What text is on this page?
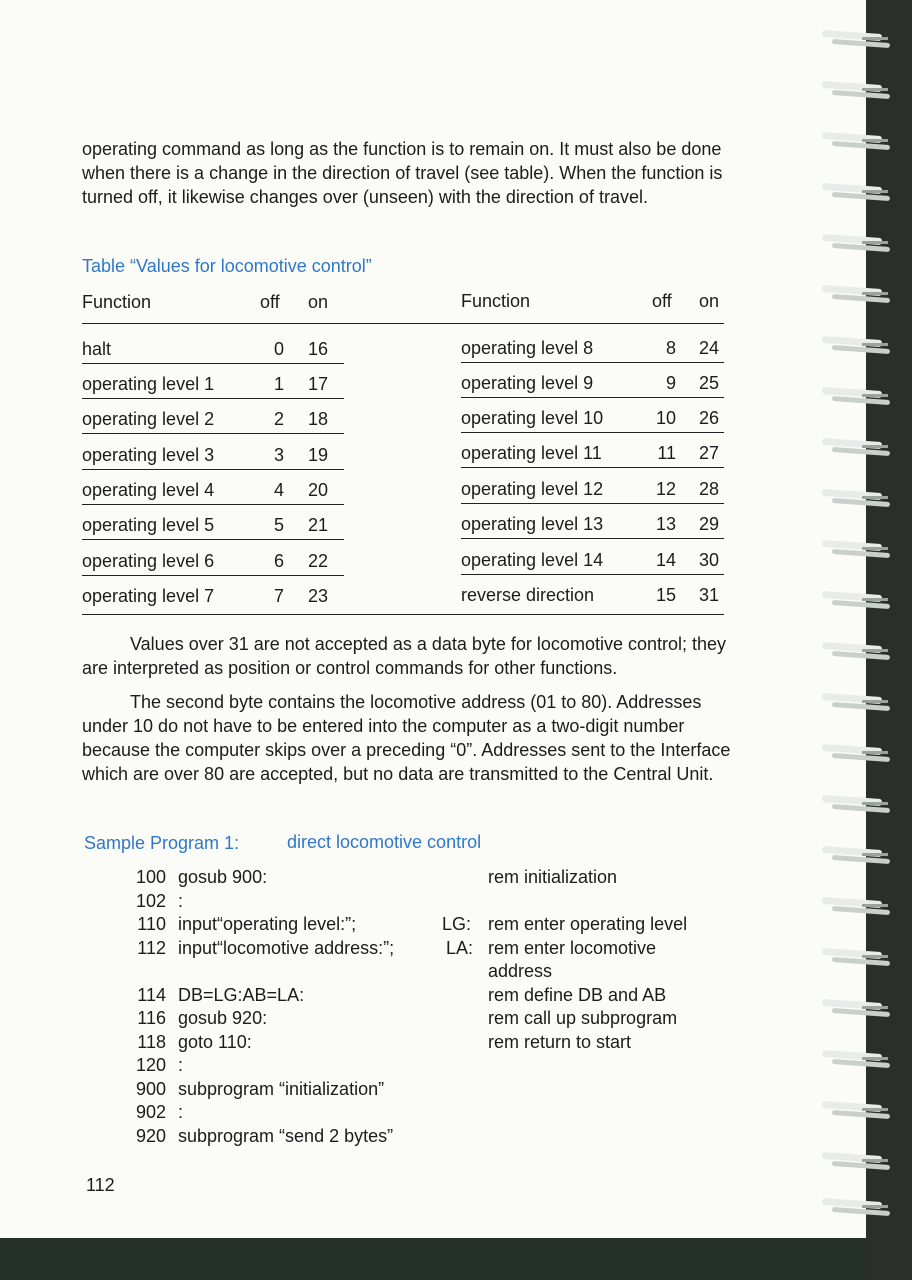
operating command as long as the function is to remain on. It must also be done when there is a change in the direction of travel (see table). When the function is turned off, it likewise changes over (unseen) with the direction of travel.
Table “Values for locomotive control”
Function	off on	Function	off on
halt	0 16
operating level 1	1 17
operating level 2	2 18
operating level 3	3 19
operating level 4	4 20
operating level 5	5 21
operating level 6	6 22
operating level 7	7 23
operating level 8	8 24
operating level 9	9 25
operating level 10	10 26
operating level 11	11 27
operating level 12	12 28
operating level 13	13 29
operating level 14	14 30
reverse direction	15 31
Values over 31 are not accepted as a data byte for locomotive control; they are interpreted as position or control commands for other functions.
The second byte contains the locomotive address (01 to 80). Addresses under 10 do not have to be entered into the computer as a two-digit number because the computer skips over a preceding “0”. Addresses sent to the Interface which are over 80 are accepted, but no data are transmitted to the Central Unit.
Sample Program 1:	direct locomotive control
100 gosub 900:	rem initialization
102 :
110 input“operating level:”;	LG: rem enter operating level
112 input“locomotive address:”;	LA: rem enter locomotive
address
114 DB=LG:AB=LA:	rem define DB and AB
116 gosub 920:	rem call up subprogram
118 goto 110:	rem return to start
120 :
900 subprogram “initialization”
902 :
920 subprogram “send 2 bytes”
112
